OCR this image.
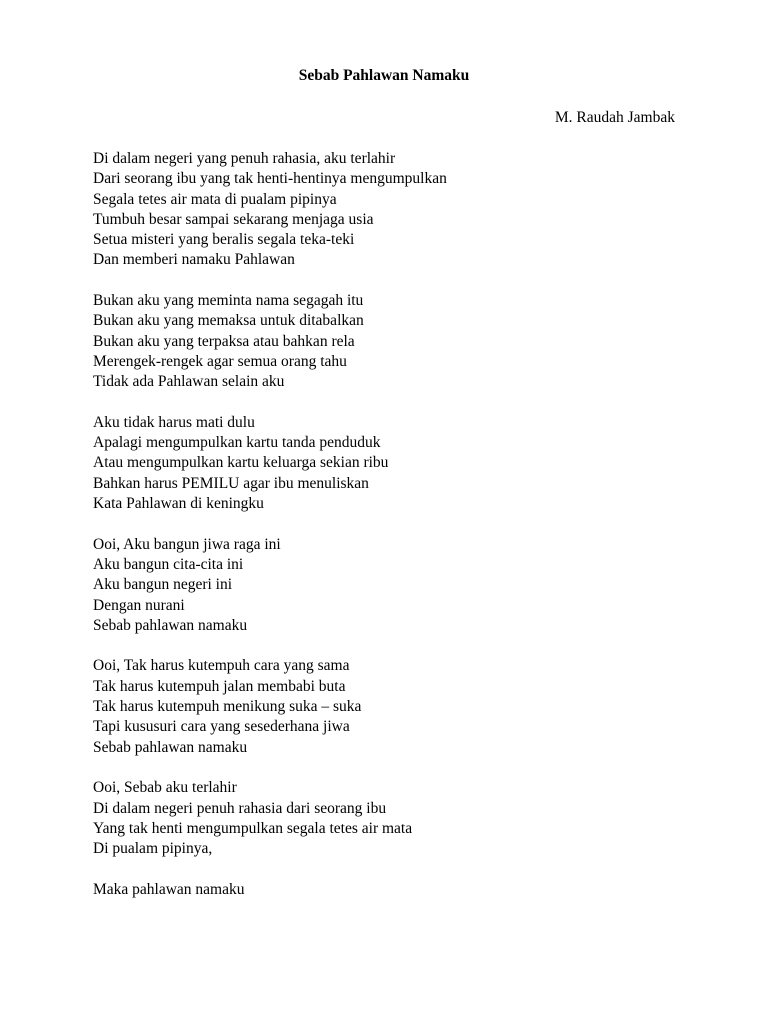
Sebab Pahlawan Namaku

M. Raudah Jambak

Di dalam negeri yang penuh rahasia, aku terlahir

Dari seorang ibu yang tak henti-hentinya mengumpulkan

Segala tetes air mata di pualam pipinya

Tumbuh besar sampai sekarang menjaga usia

Setua misteri yang beralis segala teka-teki

Dan memberi namaku Pahlawan

Bukan aku yang meminta nama segagah itu

Bukan aku yang memaksa untuk ditabalkan

Bukan aku yang terpaksa atau bahkan rela

Merengek-rengek agar semua orang tahu

Tidak ada Pahlawan selain aku

Aku tidak harus mati dulu

Apalagi mengumpulkan kartu tanda penduduk

Atau mengumpulkan kartu keluarga sekian ribu

Bahkan harus PEMILU agar ibu menuliskan

Kata Pahlawan di keningku

Ooi, Aku bangun jiwa raga ini

Aku bangun cita-cita ini

Aku bangun negeri ini

Dengan nurani

Sebab pahlawan namaku

Ooi, Tak harus kutempuh cara yang sama

Tak harus kutempuh jalan membabi buta

Tak harus kutempuh menikung suka – suka

Tapi kususuri cara yang sesederhana jiwa

Sebab pahlawan namaku

Ooi, Sebab aku terlahir

Di dalam negeri penuh rahasia dari seorang ibu

Yang tak henti mengumpulkan segala tetes air mata

Di pualam pipinya,

Maka pahlawan namaku
